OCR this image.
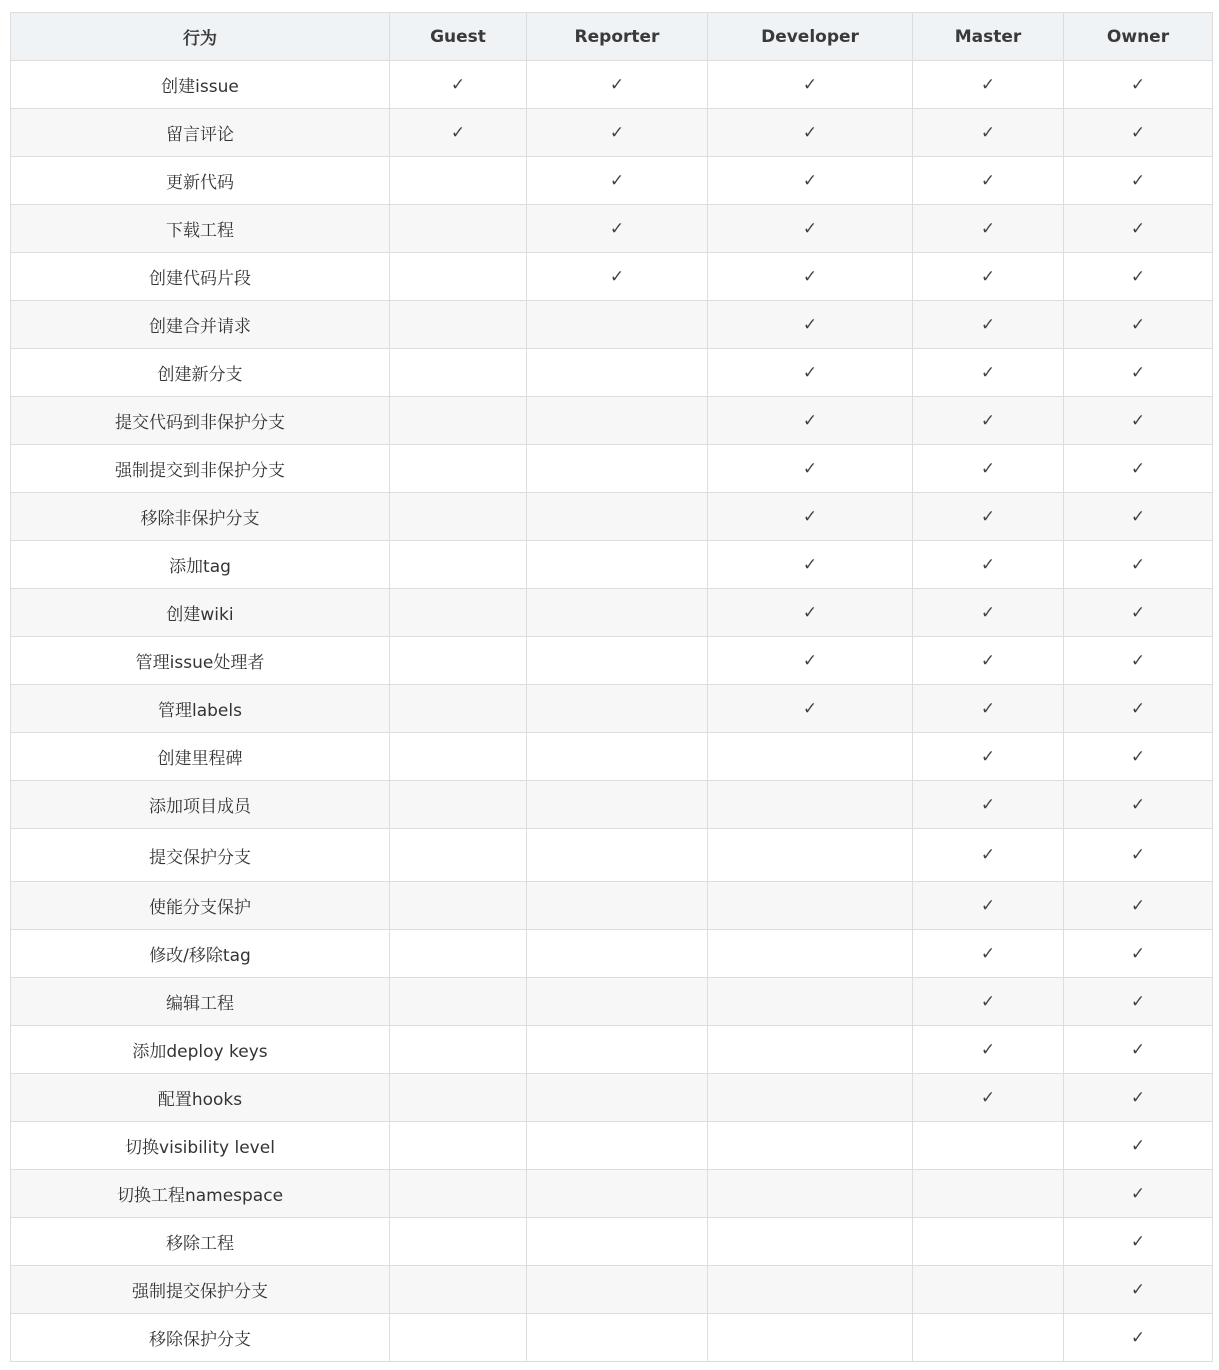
行为	Guest	Reporter	Developer	Master	Owner
创建issue	✓	✓	✓	✓	✓
留言评论	✓	✓	✓	✓	✓
更新代码		✓	✓	✓	✓
下载工程		✓	✓	✓	✓
创建代码片段		✓	✓	✓	✓
创建合并请求			✓	✓	✓
创建新分支			✓	✓	✓
提交代码到非保护分支			✓	✓	✓
强制提交到非保护分支			✓	✓	✓
移除非保护分支			✓	✓	✓
添加tag			✓	✓	✓
创建wiki			✓	✓	✓
管理issue处理者			✓	✓	✓
管理labels			✓	✓	✓
创建里程碑				✓	✓
添加项目成员				✓	✓
提交保护分支				✓	✓
使能分支保护				✓	✓
修改/移除tag				✓	✓
编辑工程				✓	✓
添加deploy keys				✓	✓
配置hooks				✓	✓
切换visibility level					✓
切换工程namespace					✓
移除工程					✓
强制提交保护分支					✓
移除保护分支					✓
